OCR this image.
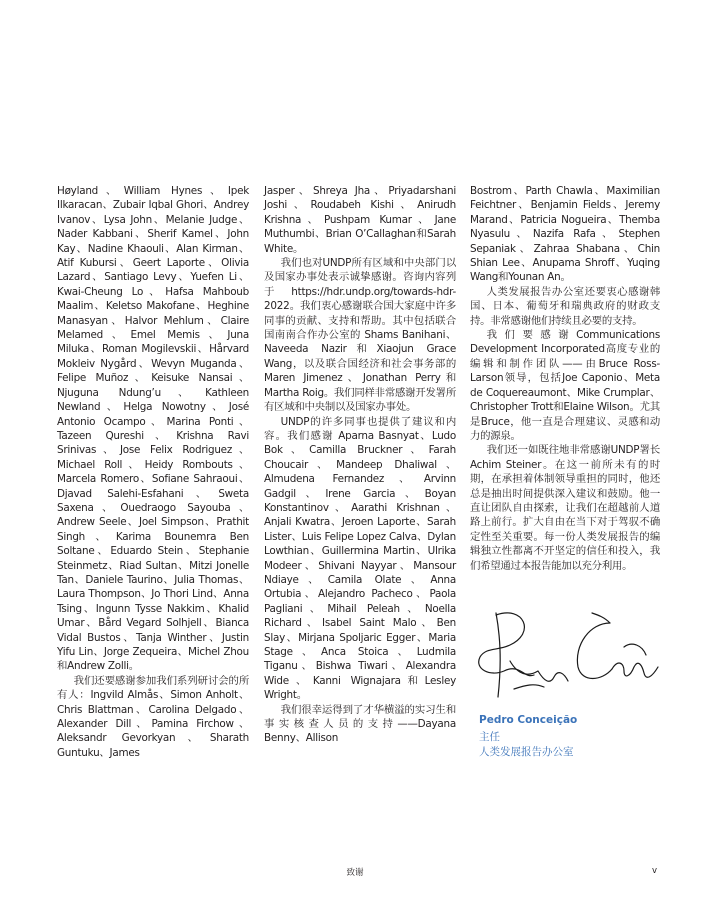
Høyland、William Hynes、Ipek Ilkaracan、Zubair Iqbal Ghori、Andrey Ivanov、Lysa John、Melanie Judge、Nader Kabbani、Sherif Kamel、John Kay、Nadine Khaouli、Alan Kirman、Atif Kubursi、Geert Laporte、Olivia Lazard、Santiago Levy、Yuefen Li、Kwai-Cheung Lo、Hafsa Mahboub Maalim、Keletso Makofane、Heghine Manasyan、Halvor Mehlum、Claire Melamed、Emel Memis、Juna Miluka、Roman Mogilevskii、Hårvard Mokleiv Nygård、Wevyn Muganda、Felipe Muñoz、Keisuke Nansai、Njuguna Ndung’u、Kathleen Newland、Helga Nowotny、José Antonio Ocampo、Marina Ponti、Tazeen Qureshi、Krishna Ravi Srinivas、Jose Felix Rodriguez、Michael Roll、Heidy Rombouts、Marcela Romero、Sofiane Sahraoui、Djavad Salehi-Esfahani、Sweta Saxena、Ouedraogo Sayouba、Andrew Seele、Joel Simpson、Prathit Singh、Karima Bounemra Ben Soltane、Eduardo Stein、Stephanie Steinmetz、Riad Sultan、Mitzi Jonelle Tan、Daniele Taurino、Julia Thomas、Laura Thompson、Jo Thori Lind、Anna Tsing、Ingunn Tysse Nakkim、Khalid Umar、Bård Vegard Solhjell、Bianca Vidal Bustos、Tanja Winther、Justin Yifu Lin、Jorge Zequeira、Michel Zhou和Andrew Zolli。

我们还要感谢参加我们系列研讨会的所有人：Ingvild Almås、Simon Anholt、Chris Blattman、Carolina Delgado、Alexander Dill、Pamina Firchow、Aleksandr Gevorkyan、Sharath Guntuku、James

Jasper、Shreya Jha、Priyadarshani Joshi、Roudabeh Kishi、Anirudh Krishna、Pushpam Kumar、Jane Muthumbi、Brian O’Callaghan和Sarah White。

我们也对UNDP所有区域和中央部门以及国家办事处表示诚挚感谢。咨询内容列于 https://hdr.undp.org/towards-hdr-2022。我们衷心感谢联合国大家庭中许多同事的贡献、支持和帮助。其中包括联合国南南合作办公室的 Shams Banihani、Naveeda Nazir和Xiaojun Grace Wang，以及联合国经济和社会事务部的Maren Jimenez、Jonathan Perry和Martha Roig。我们同样非常感谢开发署所有区域和中央制以及国家办事处。

UNDP的许多同事也提供了建议和内容。我们感谢 Aparna Basnyat、Ludo Bok、Camilla Bruckner、Farah Choucair、Mandeep Dhaliwal、Almudena Fernandez、Arvinn Gadgil、Irene Garcia、Boyan Konstantinov、Aarathi Krishnan、Anjali Kwatra、Jeroen Laporte、Sarah Lister、Luis Felipe Lopez Calva、Dylan Lowthian、Guillermina Martin、Ulrika Modeer、Shivani Nayyar、Mansour Ndiaye、Camila Olate、Anna Ortubia、Alejandro Pacheco、Paola Pagliani、Mihail Peleah、Noella Richard、Isabel Saint Malo、Ben Slay、Mirjana Spoljaric Egger、Maria Stage、Anca Stoica、Ludmila Tiganu、Bishwa Tiwari、Alexandra Wide、Kanni Wignajara和Lesley Wright。

我们很幸运得到了才华横溢的实习生和事实核查人员的支持——Dayana Benny、Allison

Bostrom、Parth Chawla、Maximilian Feichtner、Benjamin Fields、Jeremy Marand、Patricia Nogueira、Themba Nyasulu、Nazifa Rafa、Stephen Sepaniak、Zahraa Shabana、Chin Shian Lee、Anupama Shroff、Yuqing Wang和Younan An。

人类发展报告办公室还要衷心感谢韩国、日本、葡萄牙和瑞典政府的财政支持。非常感谢他们持续且必要的支持。

我们要感谢Communications Development Incorporated高度专业的编辑和制作团队——由Bruce Ross-Larson领导，包括Joe Caponio、Meta de Coquereaumont、Mike Crumplar、Christopher Trott和Elaine Wilson。尤其是Bruce，他一直是合理建议、灵感和动力的源泉。

我们还一如既往地非常感谢UNDP署长Achim Steiner。在这一前所未有的时期，在承担着体制领导重担的同时，他还总是抽出时间提供深入建议和鼓励。他一直让团队自由探索，让我们在超越前人道路上前行。扩大自由在当下对于驾驭不确定性至关重要。每一份人类发展报告的编辑独立性都离不开坚定的信任和投入，我们希望通过本报告能加以充分利用。

Pedro Conceição
主任
人类发展报告办公室
致谢	v
